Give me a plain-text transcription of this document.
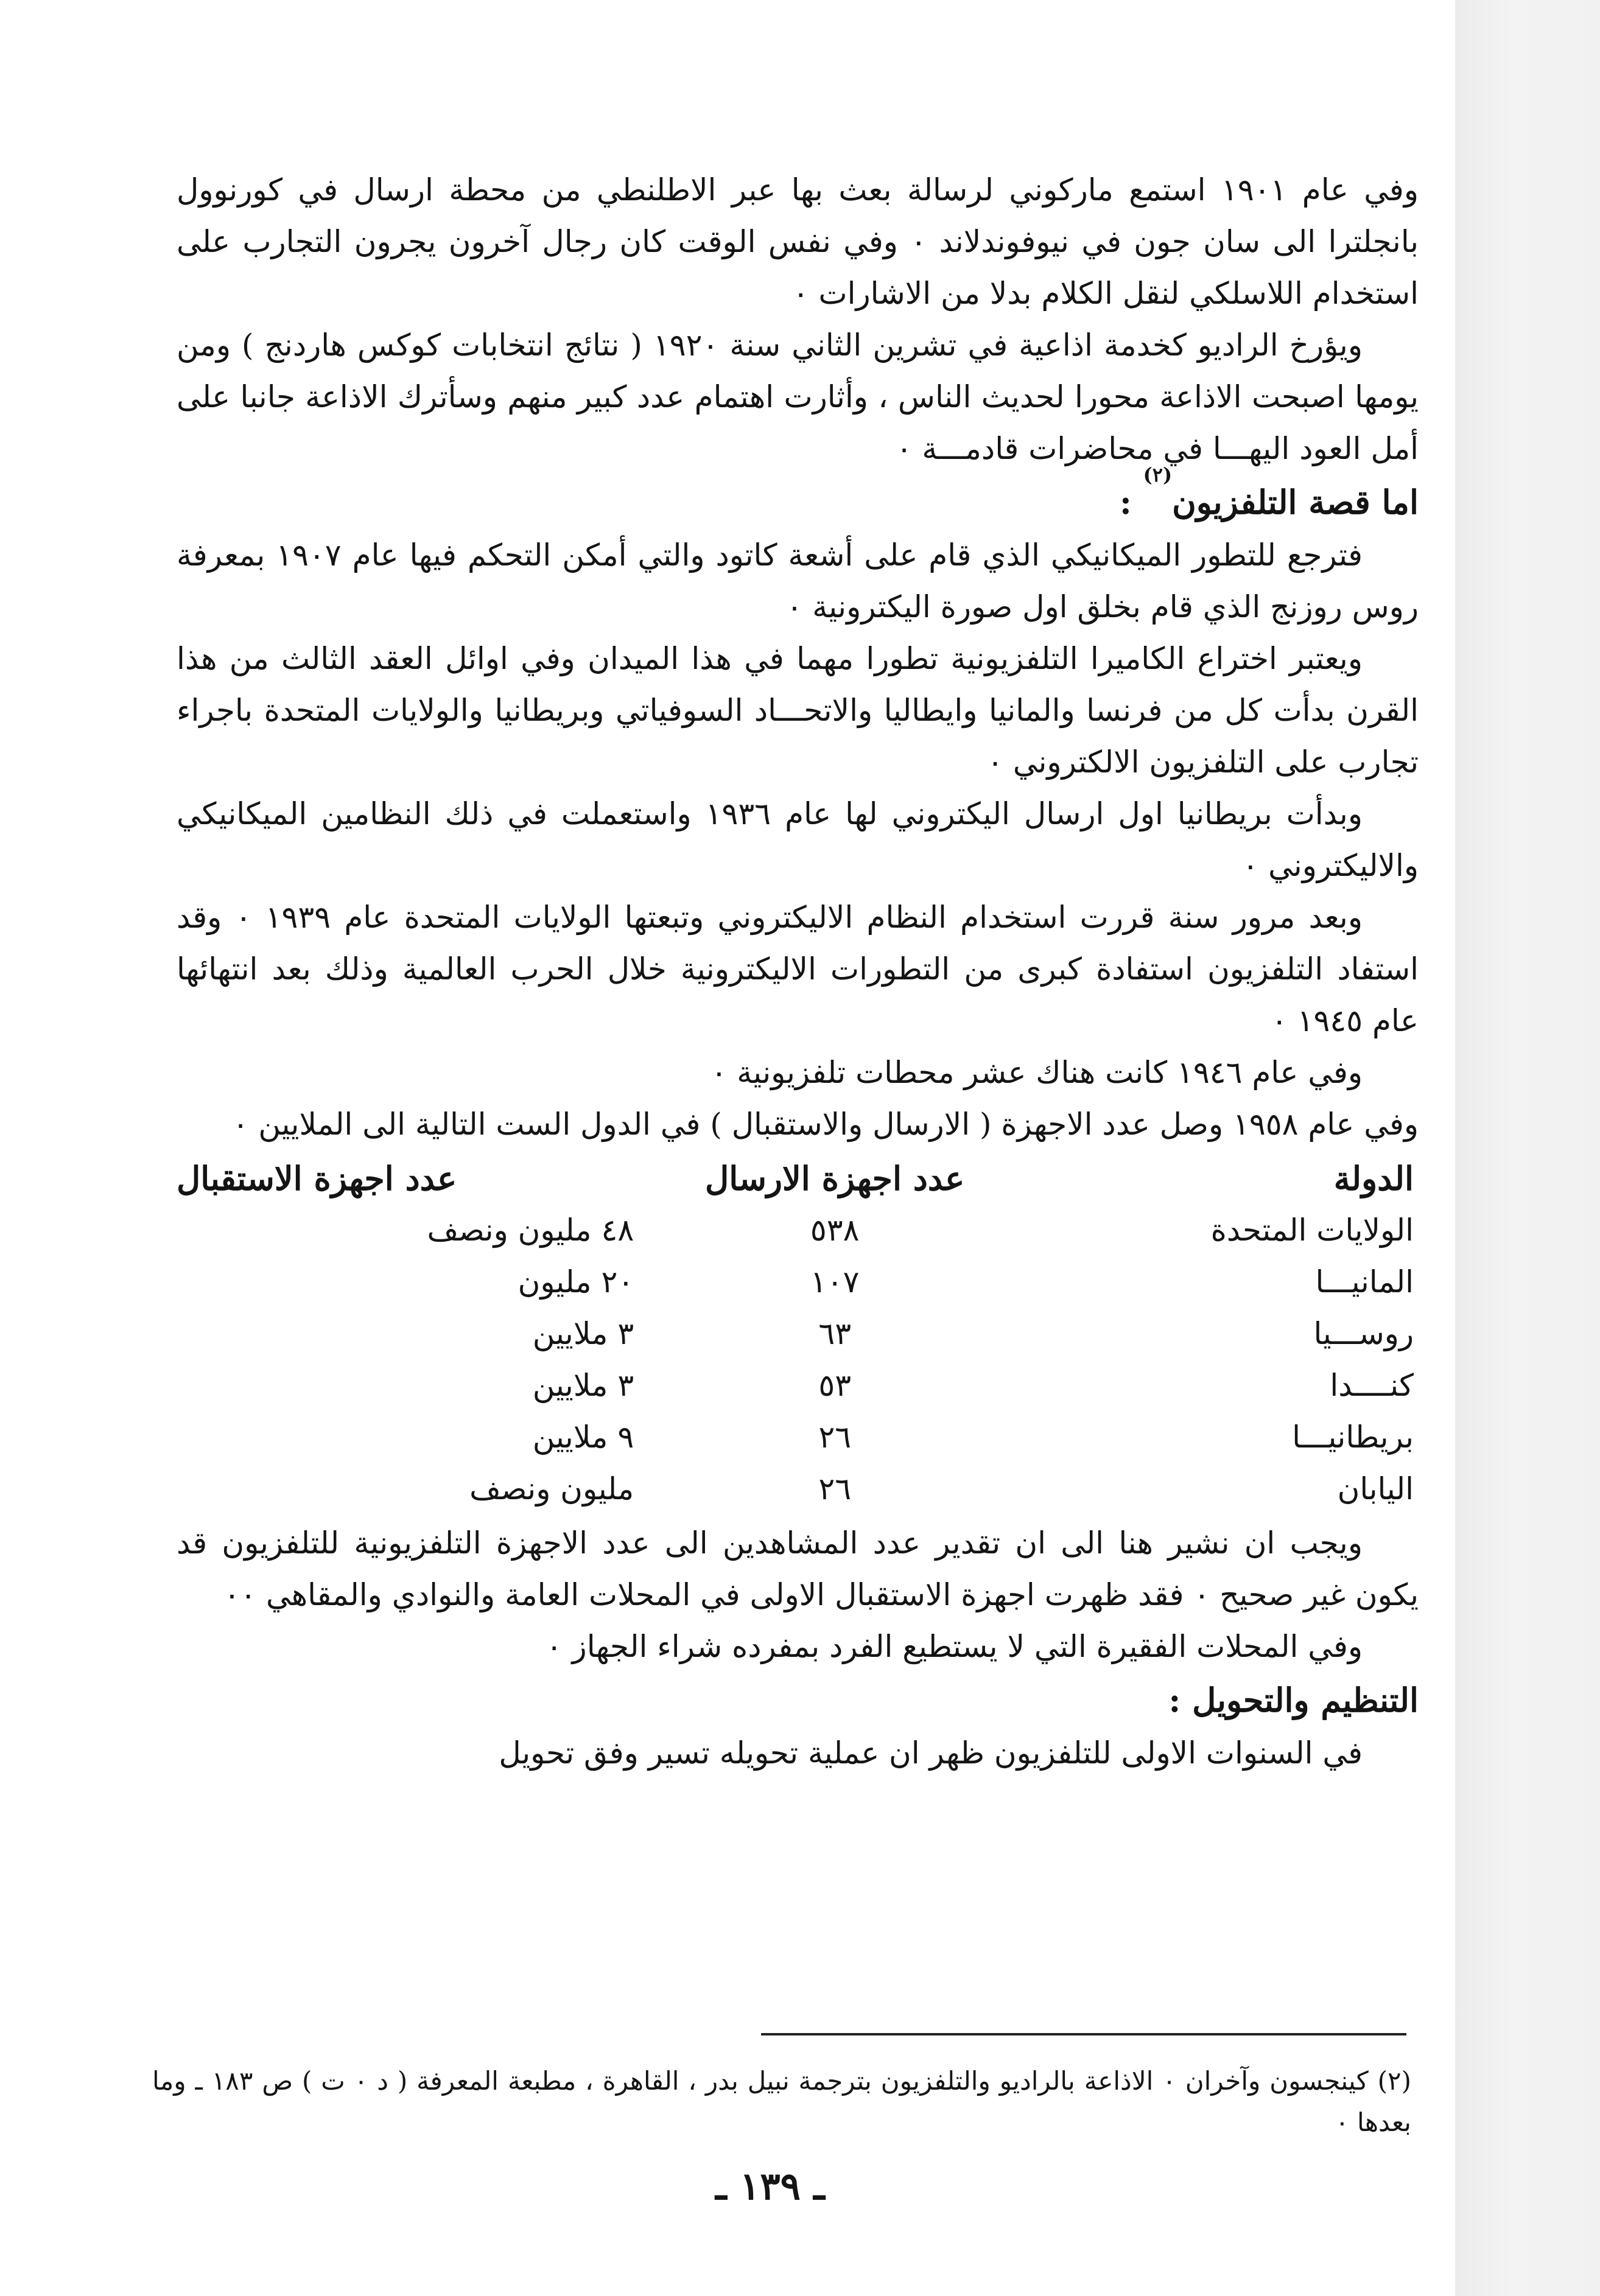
وفي عام ١٩٠١ استمع ماركوني لرسالة بعث بها عبر الاطلنطي من محطة ارسال في كورنوول بانجلترا الى سان جون في نيوفوندلاند ٠ وفي نفس الوقت كان رجال آخرون يجرون التجارب على استخدام اللاسلكي لنقل الكلام بدلا من الاشارات ٠

ويؤرخ الراديو كخدمة اذاعية في تشرين الثاني سنة ١٩٢٠ ( نتائج انتخابات كوكس هاردنج ) ومن يومها اصبحت الاذاعة محورا لحديث الناس ، وأثارت اهتمام عدد كبير منهم وسأترك الاذاعة جانبا على أمل العود اليهـــا في محاضرات قادمـــة ٠

اما قصة التلفزيون$^{(٢)}$ :

فترجع للتطور الميكانيكي الذي قام على أشعة كاتود والتي أمكن التحكم فيها عام ١٩٠٧ بمعرفة روس روزنج الذي قام بخلق اول صورة اليكترونية ٠

ويعتبر اختراع الكاميرا التلفزيونية تطورا مهما في هذا الميدان وفي اوائل العقد الثالث من هذا القرن بدأت كل من فرنسا والمانيا وايطاليا والاتحـــاد السوفياتي وبريطانيا والولايات المتحدة باجراء تجارب على التلفزيون الالكتروني ٠

وبدأت بريطانيا اول ارسال اليكتروني لها عام ١٩٣٦ واستعملت في ذلك النظامين الميكانيكي والاليكتروني ٠

وبعد مرور سنة قررت استخدام النظام الاليكتروني وتبعتها الولايات المتحدة عام ١٩٣٩ ٠ وقد استفاد التلفزيون استفادة كبرى من التطورات الاليكترونية خلال الحرب العالمية وذلك بعد انتهائها عام ١٩٤٥ ٠

وفي عام ١٩٤٦ كانت هناك عشر محطات تلفزيونية ٠

وفي عام ١٩٥٨ وصل عدد الاجهزة ( الارسال والاستقبال ) في الدول الست التالية الى الملايين ٠

الدولة	عدد اجهزة الارسال	عدد اجهزة الاستقبال
الولايات المتحدة	٥٣٨	٤٨ مليون ونصف
المانيـــا	١٠٧	٢٠ مليون
روســـيا	٦٣	٣ ملايين
كنــــدا	٥٣	٣ ملايين
بريطانيـــا	٢٦	٩ ملايين
اليابان	٢٦	مليون ونصف

ويجب ان نشير هنا الى ان تقدير عدد المشاهدين الى عدد الاجهزة التلفزيونية للتلفزيون قد يكون غير صحيح ٠ فقد ظهرت اجهزة الاستقبال الاولى في المحلات العامة والنوادي والمقاهي ٠٠

وفي المحلات الفقيرة التي لا يستطيع الفرد بمفرده شراء الجهاز ٠

التنظيم والتحويل :

في السنوات الاولى للتلفزيون ظهر ان عملية تحويله تسير وفق تحويل

(٢) كينجسون وآخران ٠ الاذاعة بالراديو والتلفزيون بترجمة نبيل بدر ، القاهرة ، مطبعة المعرفة ( د ٠ ت ) ص ١٨٣ ـ وما بعدها ٠

ـ ١٣٩ ـ
